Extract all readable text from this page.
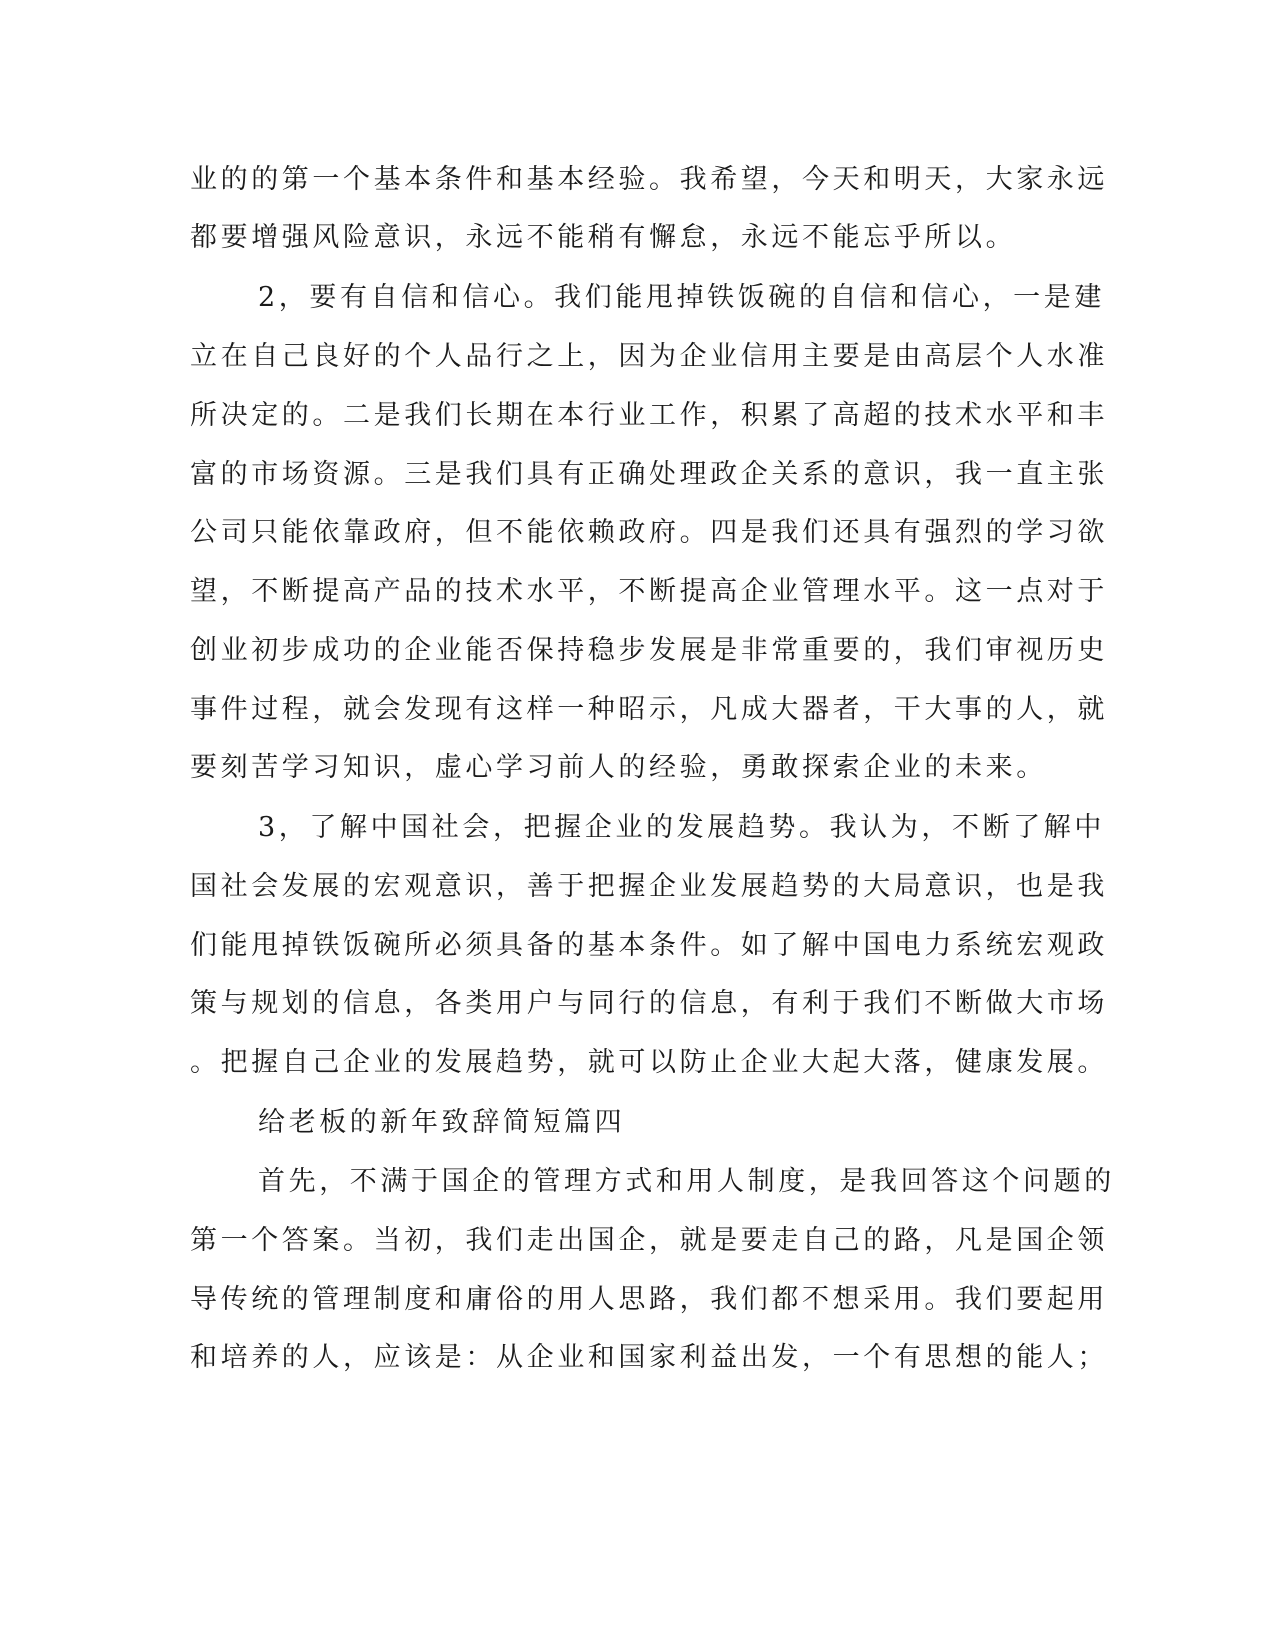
业的的第一个基本条件和基本经验。我希望，今天和明天，大家永远
都要增强风险意识，永远不能稍有懈怠，永远不能忘乎所以。
2，要有自信和信心。我们能甩掉铁饭碗的自信和信心，一是建
立在自己良好的个人品行之上，因为企业信用主要是由高层个人水准
所决定的。二是我们长期在本行业工作，积累了高超的技术水平和丰
富的市场资源。三是我们具有正确处理政企关系的意识，我一直主张
公司只能依靠政府，但不能依赖政府。四是我们还具有强烈的学习欲
望，不断提高产品的技术水平，不断提高企业管理水平。这一点对于
创业初步成功的企业能否保持稳步发展是非常重要的，我们审视历史
事件过程，就会发现有这样一种昭示，凡成大器者，干大事的人，就
要刻苦学习知识，虚心学习前人的经验，勇敢探索企业的未来。
3，了解中国社会，把握企业的发展趋势。我认为，不断了解中
国社会发展的宏观意识，善于把握企业发展趋势的大局意识，也是我
们能甩掉铁饭碗所必须具备的基本条件。如了解中国电力系统宏观政
策与规划的信息，各类用户与同行的信息，有利于我们不断做大市场
。把握自己企业的发展趋势，就可以防止企业大起大落，健康发展。
给老板的新年致辞简短篇四
首先，不满于国企的管理方式和用人制度，是我回答这个问题的
第一个答案。当初，我们走出国企，就是要走自己的路，凡是国企领
导传统的管理制度和庸俗的用人思路，我们都不想采用。我们要起用
和培养的人，应该是：从企业和国家利益出发，一个有思想的能人；
